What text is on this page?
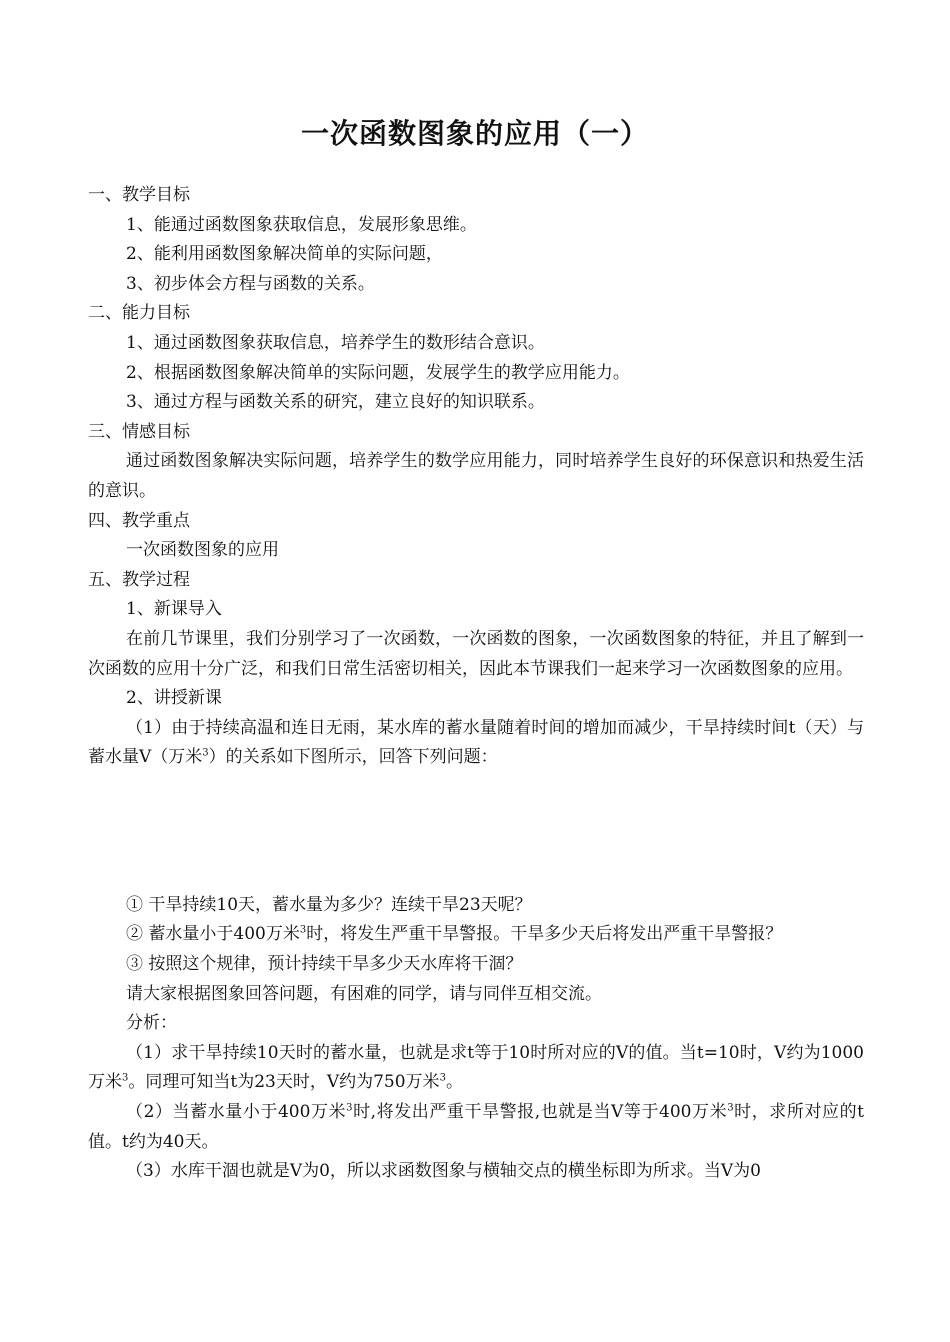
一次函数图象的应用（一）
一、教学目标
1、能通过函数图象获取信息，发展形象思维。
2、能利用函数图象解决简单的实际问题，
3、初步体会方程与函数的关系。
二、能力目标
1、通过函数图象获取信息，培养学生的数形结合意识。
2、根据函数图象解决简单的实际问题，发展学生的教学应用能力。
3、通过方程与函数关系的研究，建立良好的知识联系。
三、情感目标
通过函数图象解决实际问题，培养学生的数学应用能力，同时培养学生良好的环保意识和热爱生活的意识。
四、教学重点
一次函数图象的应用
五、教学过程
1、新课导入
在前几节课里，我们分别学习了一次函数，一次函数的图象，一次函数图象的特征，并且了解到一次函数的应用十分广泛，和我们日常生活密切相关，因此本节课我们一起来学习一次函数图象的应用。
2、讲授新课
（1）由于持续高温和连日无雨，某水库的蓄水量随着时间的增加而减少，干旱持续时间t（天）与蓄水量V（万米$^3$）的关系如下图所示，回答下列问题：
① 干旱持续10天，蓄水量为多少？连续干旱23天呢？
② 蓄水量小于400万米$^3$时，将发生严重干旱警报。干旱多少天后将发出严重干旱警报？
③ 按照这个规律，预计持续干旱多少天水库将干涸？
请大家根据图象回答问题，有困难的同学，请与同伴互相交流。
分析：
（1）求干旱持续10天时的蓄水量，也就是求t等于10时所对应的V的值。当t=10时，V约为1000万米$^3$。同理可知当t为23天时，V约为750万米$^3$。
（2）当蓄水量小于400万米$^3$时,将发出严重干旱警报,也就是当V等于400万米$^3$时，求所对应的t值。t约为40天。
（3）水库干涸也就是V为0，所以求函数图象与横轴交点的横坐标即为所求。当V为0
